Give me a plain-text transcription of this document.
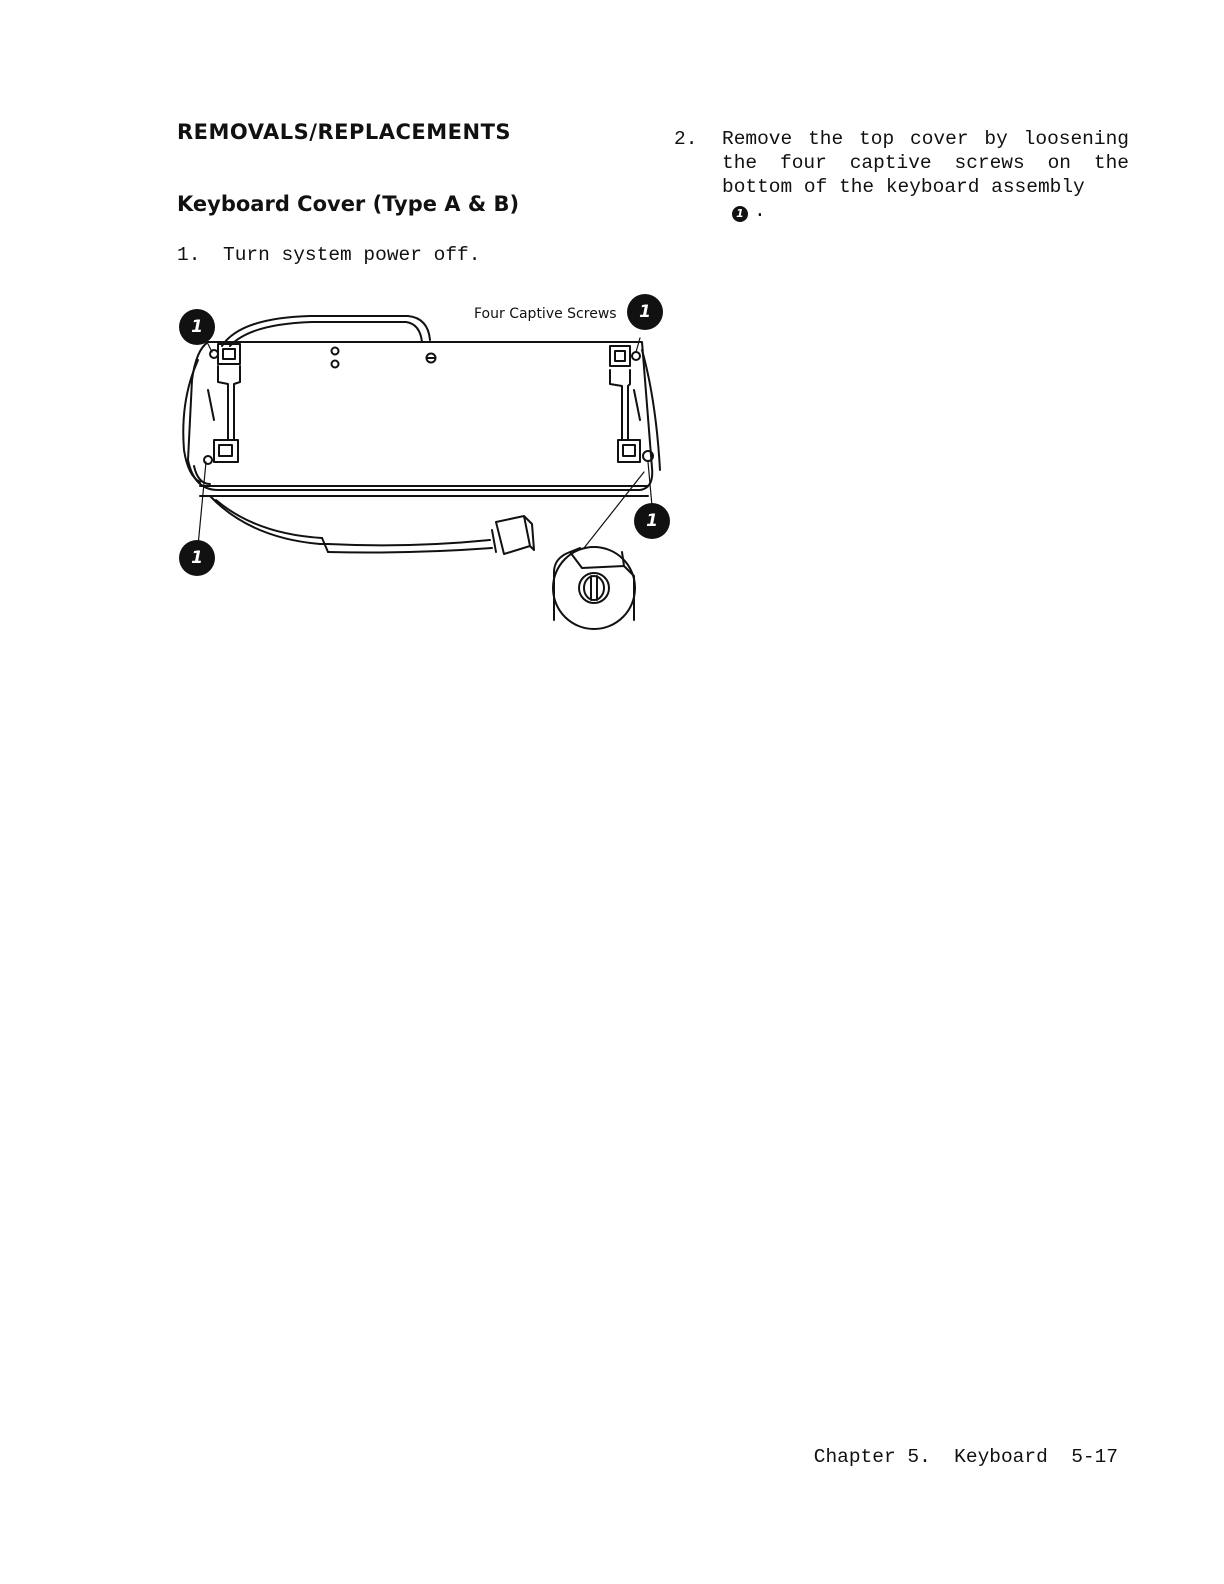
REMOVALS/REPLACEMENTS
Keyboard Cover (Type A & B)
1. Turn system power off.
2. Remove the top cover by loosening the four captive screws on the bottom of the keyboard assembly
1 .
Four Captive Screws
1
1
1
1
Chapter 5.  Keyboard  5-17
